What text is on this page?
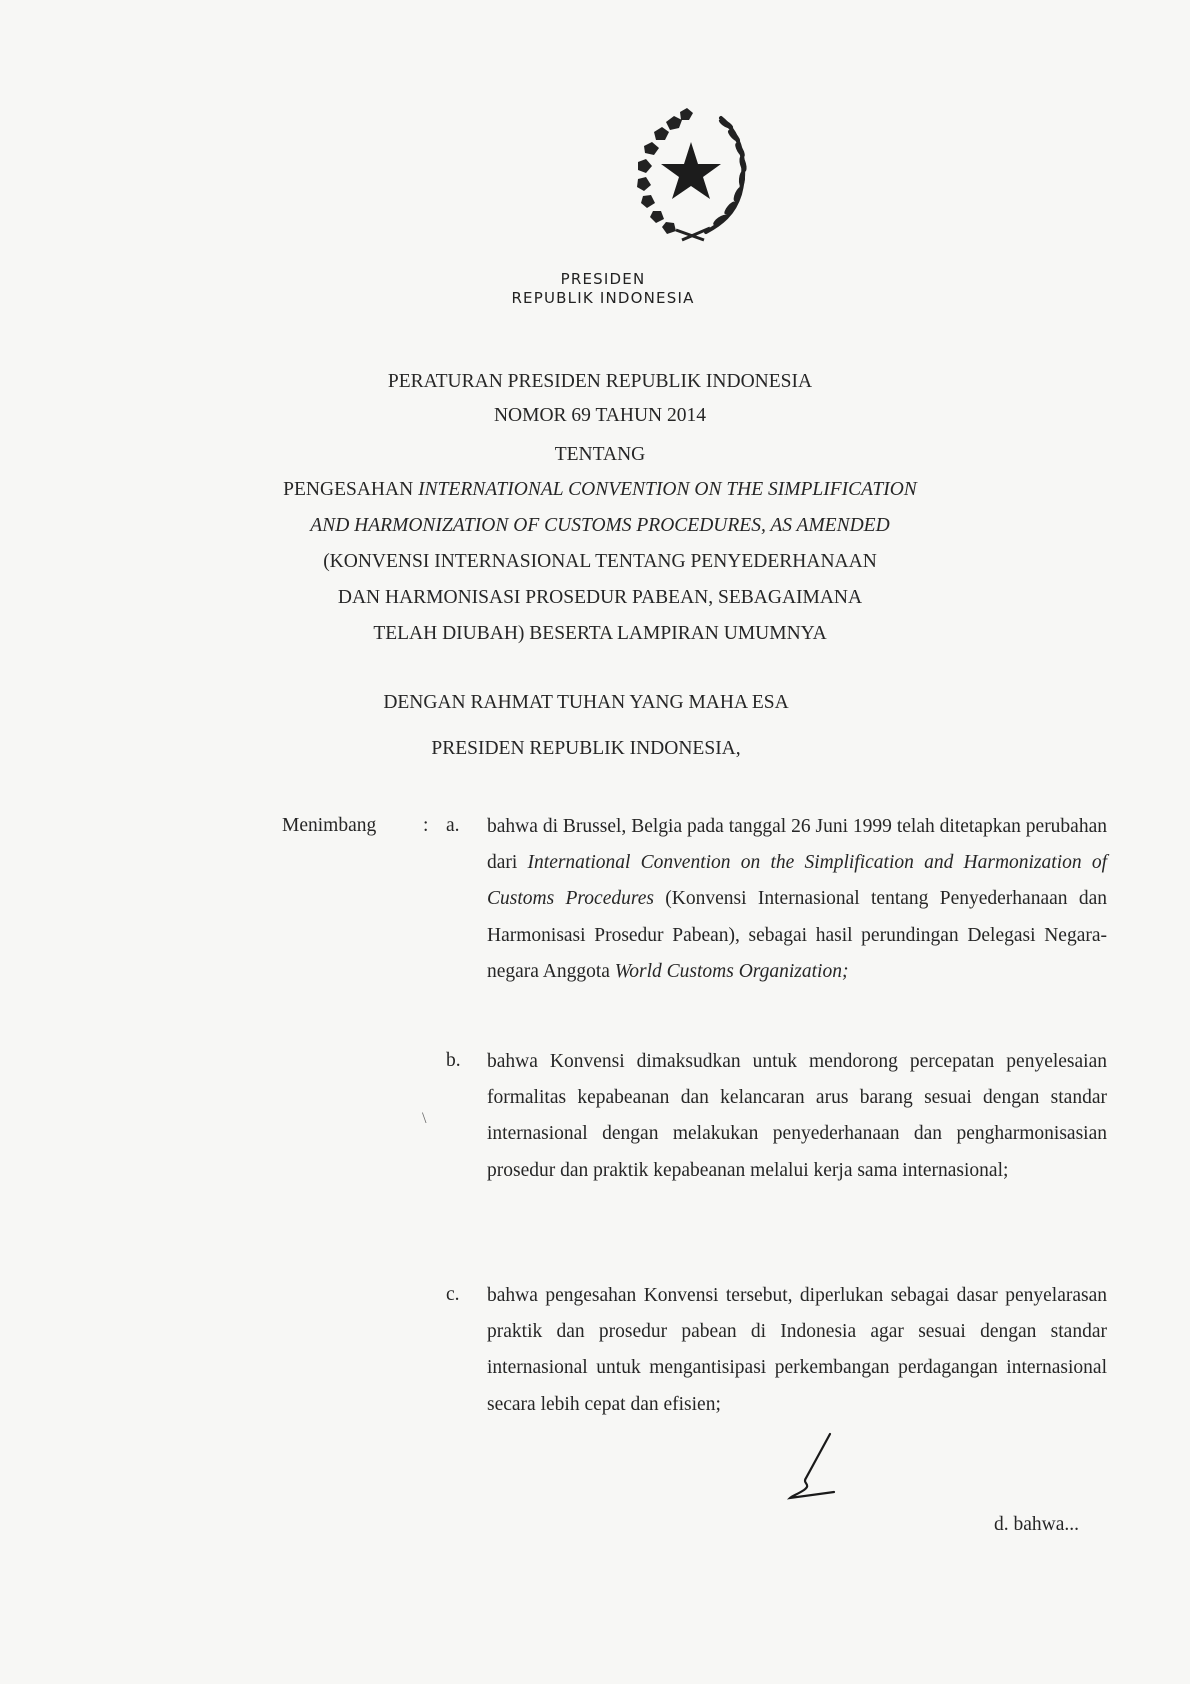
PRESIDEN
REPUBLIK INDONESIA
PERATURAN PRESIDEN REPUBLIK INDONESIA
NOMOR 69 TAHUN 2014
TENTANG
PENGESAHAN INTERNATIONAL CONVENTION ON THE SIMPLIFICATION
AND HARMONIZATION OF CUSTOMS PROCEDURES, AS AMENDED
(KONVENSI INTERNASIONAL TENTANG PENYEDERHANAAN
DAN HARMONISASI PROSEDUR PABEAN, SEBAGAIMANA
TELAH DIUBAH) BESERTA LAMPIRAN UMUMNYA
DENGAN RAHMAT TUHAN YANG MAHA ESA
PRESIDEN REPUBLIK INDONESIA,
Menimbang : a. bahwa di Brussel, Belgia pada tanggal 26 Juni 1999 telah ditetapkan perubahan dari International Convention on the Simplification and Harmonization of Customs Procedures (Konvensi Internasional tentang Penyederhanaan dan Harmonisasi Prosedur Pabean), sebagai hasil perundingan Delegasi Negara-negara Anggota World Customs Organization;
b. bahwa Konvensi dimaksudkan untuk mendorong percepatan penyelesaian formalitas kepabeanan dan kelancaran arus barang sesuai dengan standar internasional dengan melakukan penyederhanaan dan pengharmonisasian prosedur dan praktik kepabeanan melalui kerja sama internasional;
c. bahwa pengesahan Konvensi tersebut, diperlukan sebagai dasar penyelarasan praktik dan prosedur pabean di Indonesia agar sesuai dengan standar internasional untuk mengantisipasi perkembangan perdagangan internasional secara lebih cepat dan efisien;
d. bahwa...
\
